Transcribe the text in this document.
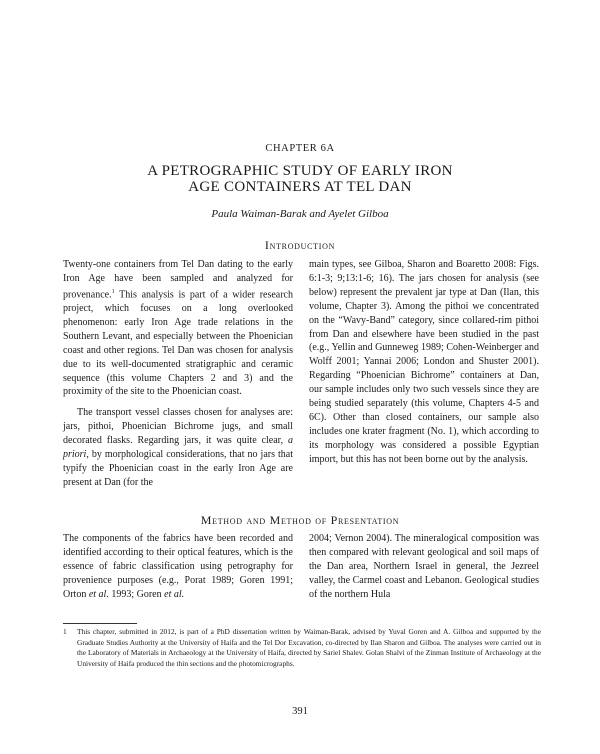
CHAPTER 6A
A PETROGRAPHIC STUDY OF EARLY IRON
AGE CONTAINERS AT TEL DAN
Paula Waiman-Barak and Ayelet Gilboa
Introduction

Twenty-one containers from Tel Dan dating to the early Iron Age have been sampled and analyzed for provenance.$^1$ This analysis is part of a wider research project, which focuses on a long overlooked phenomenon: early Iron Age trade relations in the Southern Levant, and especially between the Phoenician coast and other regions. Tel Dan was chosen for analysis due to its well-documented stratigraphic and ceramic sequence (this volume Chapters 2 and 3) and the proximity of the site to the Phoenician coast.

The transport vessel classes chosen for analyses are: jars, pithoi, Phoenician Bichrome jugs, and small decorated flasks. Regarding jars, it was quite clear, a priori, by morphological considerations, that no jars that typify the Phoenician coast in the early Iron Age are present at Dan (for the

main types, see Gilboa, Sharon and Boaretto 2008: Figs. 6:1-3; 9;13:1-6; 16). The jars chosen for analysis (see below) represent the prevalent jar type at Dan (Ilan, this volume, Chapter 3). Among the pithoi we concentrated on the “Wavy-Band” category, since collared-rim pithoi from Dan and elsewhere have been studied in the past (e.g., Yellin and Gunneweg 1989; Cohen-Weinberger and Wolff 2001; Yannai 2006; London and Shuster 2001). Regarding “Phoenician Bichrome” containers at Dan, our sample includes only two such vessels since they are being studied separately (this volume, Chapters 4-5 and 6C). Other than closed containers, our sample also includes one krater fragment (No. 1), which according to its morphology was considered a possible Egyptian import, but this has not been borne out by the analysis.

Method and Method of Presentation

The components of the fabrics have been recorded and identified according to their optical features, which is the essence of fabric classification using petrography for provenience purposes (e.g., Porat 1989; Goren 1991; Orton et al. 1993; Goren et al.

2004; Vernon 2004). The mineralogical composition was then compared with relevant geological and soil maps of the Dan area, Northern Israel in general, the Jezreel valley, the Carmel coast and Lebanon. Geological studies of the northern Hula

1	This chapter, submitted in 2012, is part of a PhD dissertation written by Waiman-Barak, advised by Yuval Goren and A. Gilboa and supported by the Graduate Studies Authority at the University of Haifa and the Tel Dor Excavation, co-directed by Ilan Sharon and Gilboa. The analyses were carried out in the Laboratory of Materials in Archaeology at the University of Haifa, directed by Sariel Shalev. Golan Shalvi of the Zinman Institute of Archaeology at the University of Haifa produced the thin sections and the photomicrographs.
391
